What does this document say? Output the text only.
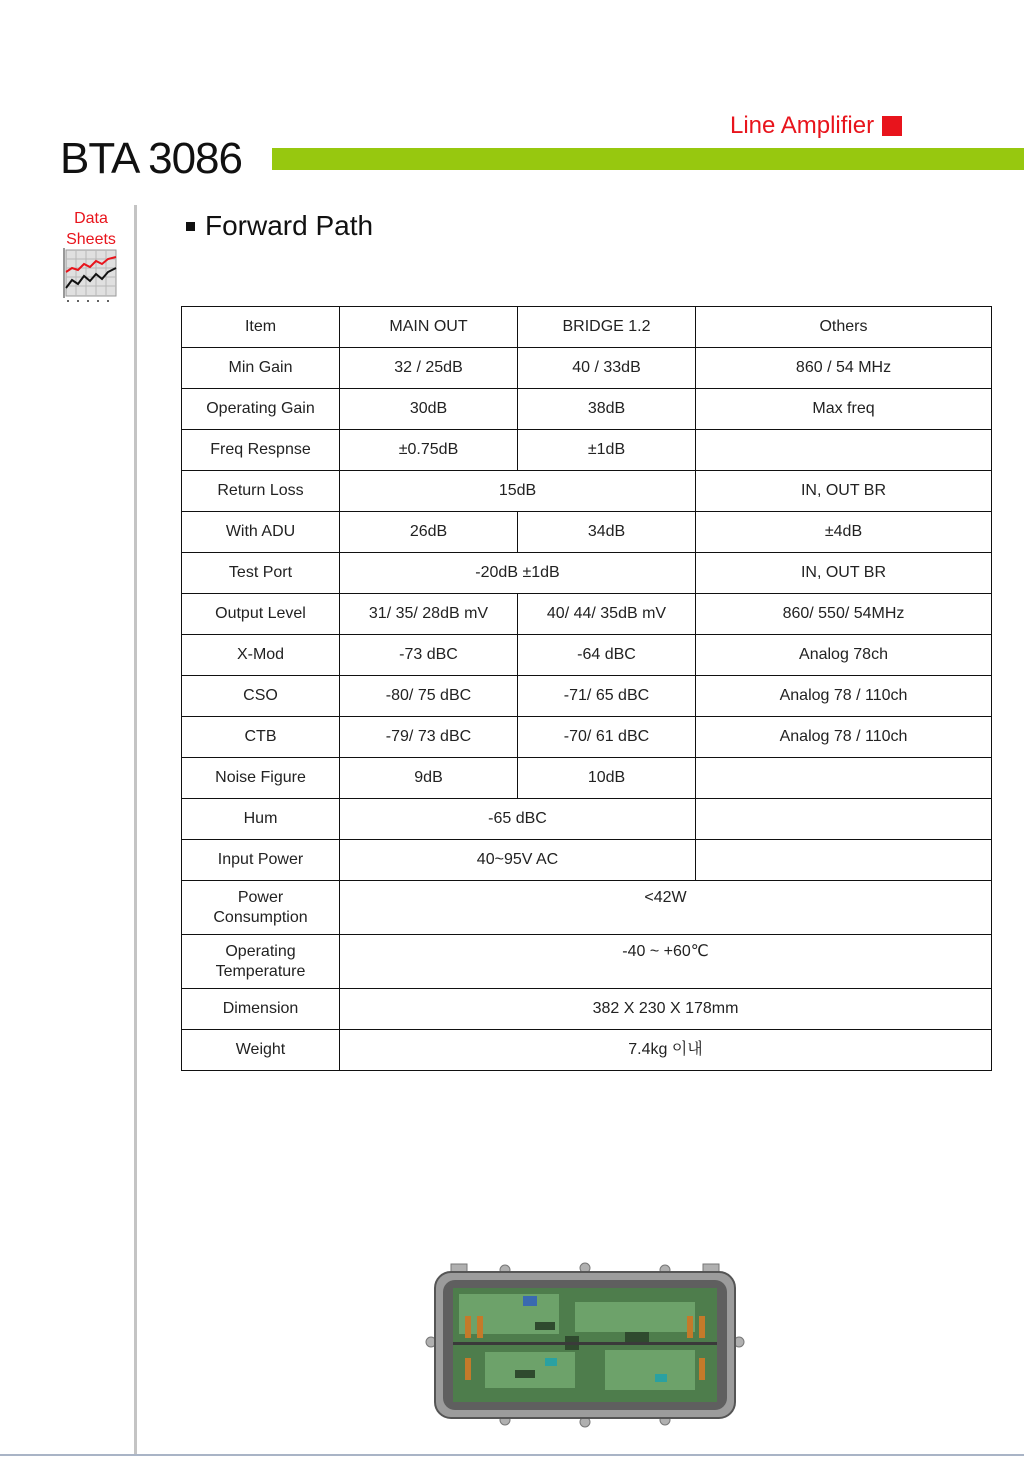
Line Amplifier
BTA 3086
Data
Sheets	Forward Path
Item	MAIN OUT	BRIDGE 1.2	Others
Min Gain	32 / 25dB	40 / 33dB	860 / 54 MHz
Operating Gain	30dB	38dB	Max freq
Freq Respnse	±0.75dB	±1dB	
Return Loss	15dB		IN, OUT BR
With ADU	26dB	34dB	±4dB
Test Port	-20dB ±1dB		IN, OUT BR
Output Level	31/ 35/ 28dB mV	40/ 44/ 35dB mV	860/ 550/ 54MHz
X-Mod	-73 dBC	-64 dBC	Analog 78ch
CSO	-80/ 75 dBC	-71/ 65 dBC	Analog 78 / 110ch
CTB	-79/ 73 dBC	-70/ 61 dBC	Analog 78 / 110ch
Noise Figure	9dB	10dB	
Hum	-65 dBC		
Input Power	40~95V AC		

Power
Consumption	<42W		

Operating
Temperature	-40 ~ +60℃		

Dimension	382 X 230 X 178mm		
Weight	7.4kg 이내		
